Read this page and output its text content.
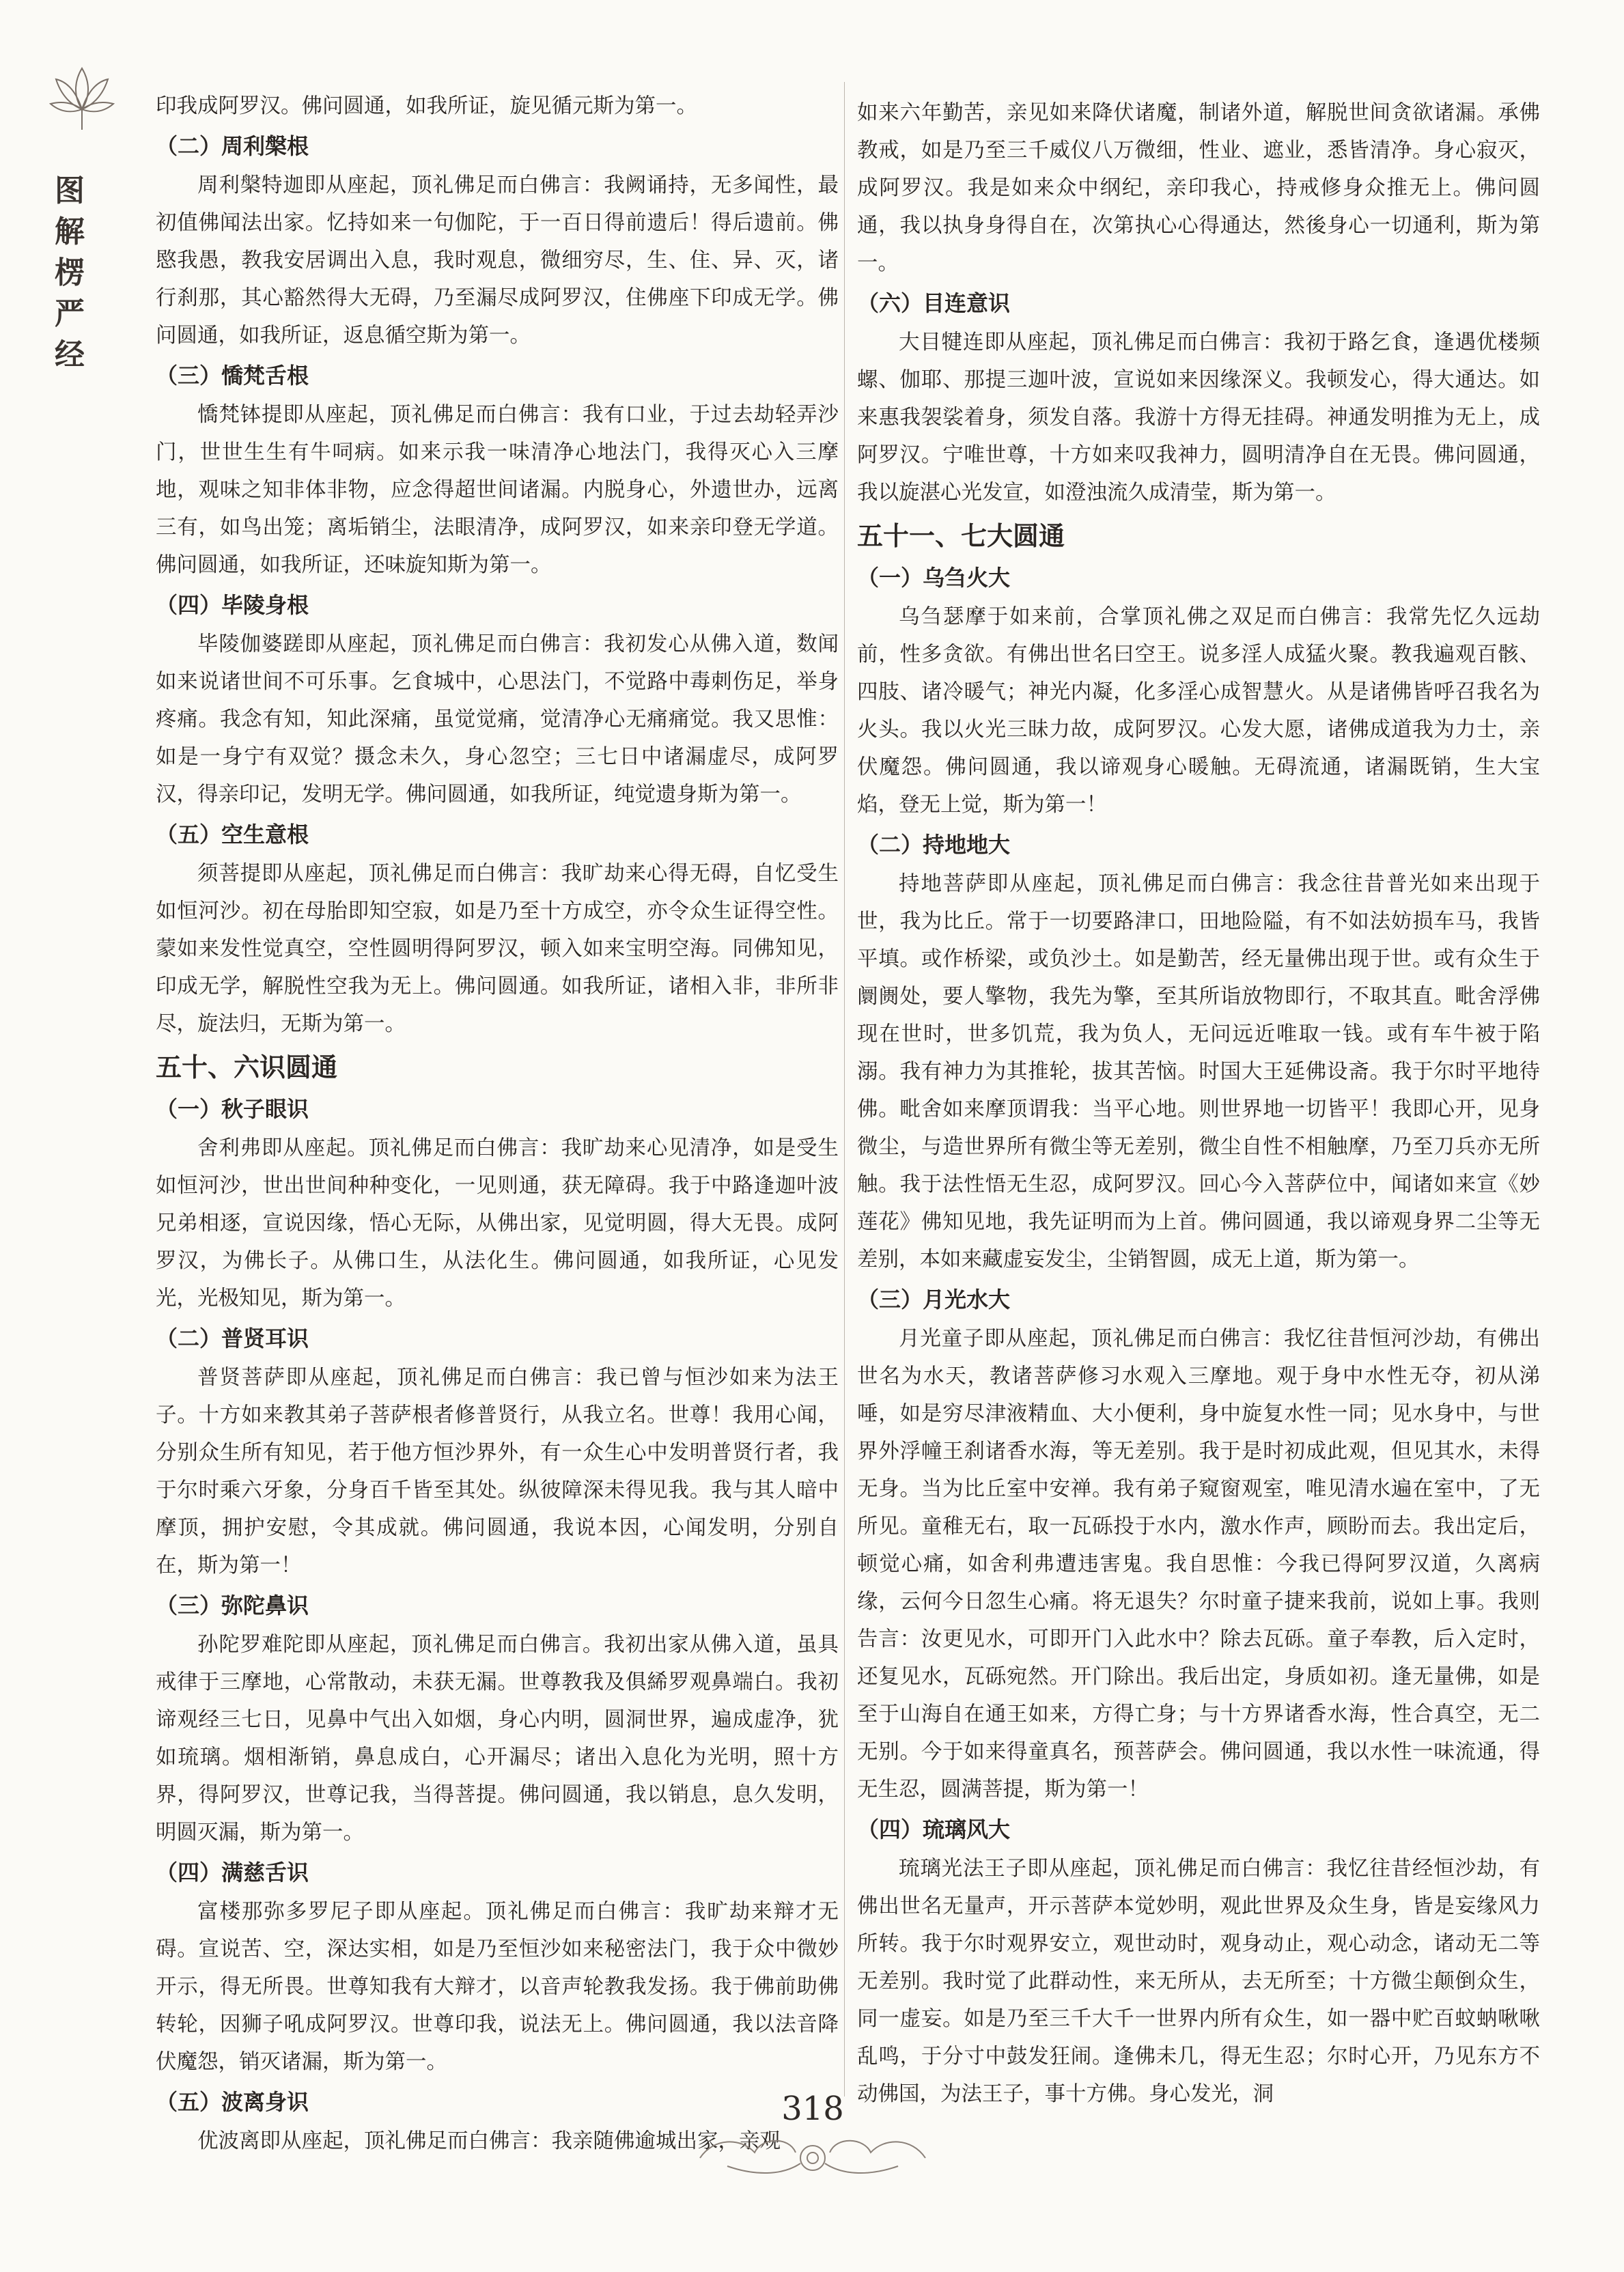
图
解
楞
严
经

印我成阿罗汉。佛问圆通，如我所证，旋见循元斯为第一。

（二）周利槃根

周利槃特迦即从座起，顶礼佛足而白佛言：我阙诵持，无多闻性，最初值佛闻法出家。忆持如来一句伽陀，于一百日得前遗后！得后遗前。佛愍我愚，教我安居调出入息，我时观息，微细穷尽，生、住、异、灭，诸行刹那，其心豁然得大无碍，乃至漏尽成阿罗汉，住佛座下印成无学。佛问圆通，如我所证，返息循空斯为第一。

（三）憍梵舌根

憍梵钵提即从座起，顶礼佛足而白佛言：我有口业，于过去劫轻弄沙门，世世生生有牛呞病。如来示我一味清净心地法门，我得灭心入三摩地，观味之知非体非物，应念得超世间诸漏。内脱身心，外遗世办，远离三有，如鸟出笼；离垢销尘，法眼清净，成阿罗汉，如来亲印登无学道。佛问圆通，如我所证，还味旋知斯为第一。

（四）毕陵身根

毕陵伽婆蹉即从座起，顶礼佛足而白佛言：我初发心从佛入道，数闻如来说诸世间不可乐事。乞食城中，心思法门，不觉路中毒刺伤足，举身疼痛。我念有知，知此深痛，虽觉觉痛，觉清净心无痛痛觉。我又思惟：如是一身宁有双觉？摄念未久，身心忽空；三七日中诸漏虚尽，成阿罗汉，得亲印记，发明无学。佛问圆通，如我所证，纯觉遗身斯为第一。

（五）空生意根

须菩提即从座起，顶礼佛足而白佛言：我旷劫来心得无碍，自忆受生如恒河沙。初在母胎即知空寂，如是乃至十方成空，亦令众生证得空性。蒙如来发性觉真空，空性圆明得阿罗汉，顿入如来宝明空海。同佛知见，印成无学，解脱性空我为无上。佛问圆通。如我所证，诸相入非，非所非尽，旋法归，无斯为第一。

五十、六识圆通
（一）秋子眼识

舍利弗即从座起。顶礼佛足而白佛言：我旷劫来心见清净，如是受生如恒河沙，世出世间种种变化，一见则通，获无障碍。我于中路逢迦叶波兄弟相逐，宣说因缘，悟心无际，从佛出家，见觉明圆，得大无畏。成阿罗汉，为佛长子。从佛口生，从法化生。佛问圆通，如我所证，心见发光，光极知见，斯为第一。

（二）普贤耳识

普贤菩萨即从座起，顶礼佛足而白佛言：我已曾与恒沙如来为法王子。十方如来教其弟子菩萨根者修普贤行，从我立名。世尊！我用心闻，分别众生所有知见，若于他方恒沙界外，有一众生心中发明普贤行者，我于尔时乘六牙象，分身百千皆至其处。纵彼障深未得见我。我与其人暗中摩顶，拥护安慰，令其成就。佛问圆通，我说本因，心闻发明，分别自在，斯为第一！

（三）弥陀鼻识

孙陀罗难陀即从座起，顶礼佛足而白佛言。我初出家从佛入道，虽具戒律于三摩地，心常散动，未获无漏。世尊教我及俱絺罗观鼻端白。我初谛观经三七日，见鼻中气出入如烟，身心内明，圆洞世界，遍成虚净，犹如琉璃。烟相渐销，鼻息成白，心开漏尽；诸出入息化为光明，照十方界，得阿罗汉，世尊记我，当得菩提。佛问圆通，我以销息，息久发明，明圆灭漏，斯为第一。

（四）满慈舌识

富楼那弥多罗尼子即从座起。顶礼佛足而白佛言：我旷劫来辩才无碍。宣说苦、空，深达实相，如是乃至恒沙如来秘密法门，我于众中微妙开示，得无所畏。世尊知我有大辩才，以音声轮教我发扬。我于佛前助佛转轮，因狮子吼成阿罗汉。世尊印我，说法无上。佛问圆通，我以法音降伏魔怨，销灭诸漏，斯为第一。

（五）波离身识

优波离即从座起，顶礼佛足而白佛言：我亲随佛逾城出家，亲观

如来六年勤苦，亲见如来降伏诸魔，制诸外道，解脱世间贪欲诸漏。承佛教戒，如是乃至三千威仪八万微细，性业、遮业，悉皆清净。身心寂灭，成阿罗汉。我是如来众中纲纪，亲印我心，持戒修身众推无上。佛问圆通，我以执身身得自在，次第执心心得通达，然後身心一切通利，斯为第一。

（六）目连意识

大目犍连即从座起，顶礼佛足而白佛言：我初于路乞食，逢遇优楼频螺、伽耶、那提三迦叶波，宣说如来因缘深义。我顿发心，得大通达。如来惠我袈裟着身，须发自落。我游十方得无挂碍。神通发明推为无上，成阿罗汉。宁唯世尊，十方如来叹我神力，圆明清净自在无畏。佛问圆通，我以旋湛心光发宣，如澄浊流久成清莹，斯为第一。

五十一、七大圆通
（一）乌刍火大

乌刍瑟摩于如来前，合掌顶礼佛之双足而白佛言：我常先忆久远劫前，性多贪欲。有佛出世名曰空王。说多淫人成猛火聚。教我遍观百骸、四肢、诸冷暖气；神光内凝，化多淫心成智慧火。从是诸佛皆呼召我名为火头。我以火光三昧力故，成阿罗汉。心发大愿，诸佛成道我为力士，亲伏魔怨。佛问圆通，我以谛观身心暖触。无碍流通，诸漏既销，生大宝焰，登无上觉，斯为第一！

（二）持地地大

持地菩萨即从座起，顶礼佛足而白佛言：我念往昔普光如来出现于世，我为比丘。常于一切要路津口，田地险隘，有不如法妨损车马，我皆平填。或作桥梁，或负沙土。如是勤苦，经无量佛出现于世。或有众生于阛阓处，要人擎物，我先为擎，至其所诣放物即行，不取其直。毗舍浮佛现在世时，世多饥荒，我为负人，无问远近唯取一钱。或有车牛被于陷溺。我有神力为其推轮，拔其苦恼。时国大王延佛设斋。我于尔时平地待佛。毗舍如来摩顶谓我：当平心地。则世界地一切皆平！我即心开，见身微尘，与造世界所有微尘等无差别，微尘自性不相触摩，乃至刀兵亦无所触。我于法性悟无生忍，成阿罗汉。回心今入菩萨位中，闻诸如来宣《妙莲花》佛知见地，我先证明而为上首。佛问圆通，我以谛观身界二尘等无差别，本如来藏虚妄发尘，尘销智圆，成无上道，斯为第一。

（三）月光水大

月光童子即从座起，顶礼佛足而白佛言：我忆往昔恒河沙劫，有佛出世名为水天，教诸菩萨修习水观入三摩地。观于身中水性无夺，初从涕唾，如是穷尽津液精血、大小便利，身中旋复水性一同；见水身中，与世界外浮幢王刹诸香水海，等无差别。我于是时初成此观，但见其水，未得无身。当为比丘室中安禅。我有弟子窥窗观室，唯见清水遍在室中，了无所见。童稚无右，取一瓦砾投于水内，激水作声，顾盼而去。我出定后，顿觉心痛，如舍利弗遭违害鬼。我自思惟：今我已得阿罗汉道，久离病缘，云何今日忽生心痛。将无退失？尔时童子捷来我前，说如上事。我则告言：汝更见水，可即开门入此水中？除去瓦砾。童子奉教，后入定时，还复见水，瓦砾宛然。开门除出。我后出定，身质如初。逢无量佛，如是至于山海自在通王如来，方得亡身；与十方界诸香水海，性合真空，无二无别。今于如来得童真名，预菩萨会。佛问圆通，我以水性一味流通，得无生忍，圆满菩提，斯为第一！

（四）琉璃风大

琉璃光法王子即从座起，顶礼佛足而白佛言：我忆往昔经恒沙劫，有佛出世名无量声，开示菩萨本觉妙明，观此世界及众生身，皆是妄缘风力所转。我于尔时观界安立，观世动时，观身动止，观心动念，诸动无二等无差别。我时觉了此群动性，来无所从，去无所至；十方微尘颠倒众生，同一虚妄。如是乃至三千大千一世界内所有众生，如一器中贮百蚊蚋啾啾乱鸣，于分寸中鼓发狂闹。逢佛未几，得无生忍；尔时心开，乃见东方不动佛国，为法王子，事十方佛。身心发光，洞

318
